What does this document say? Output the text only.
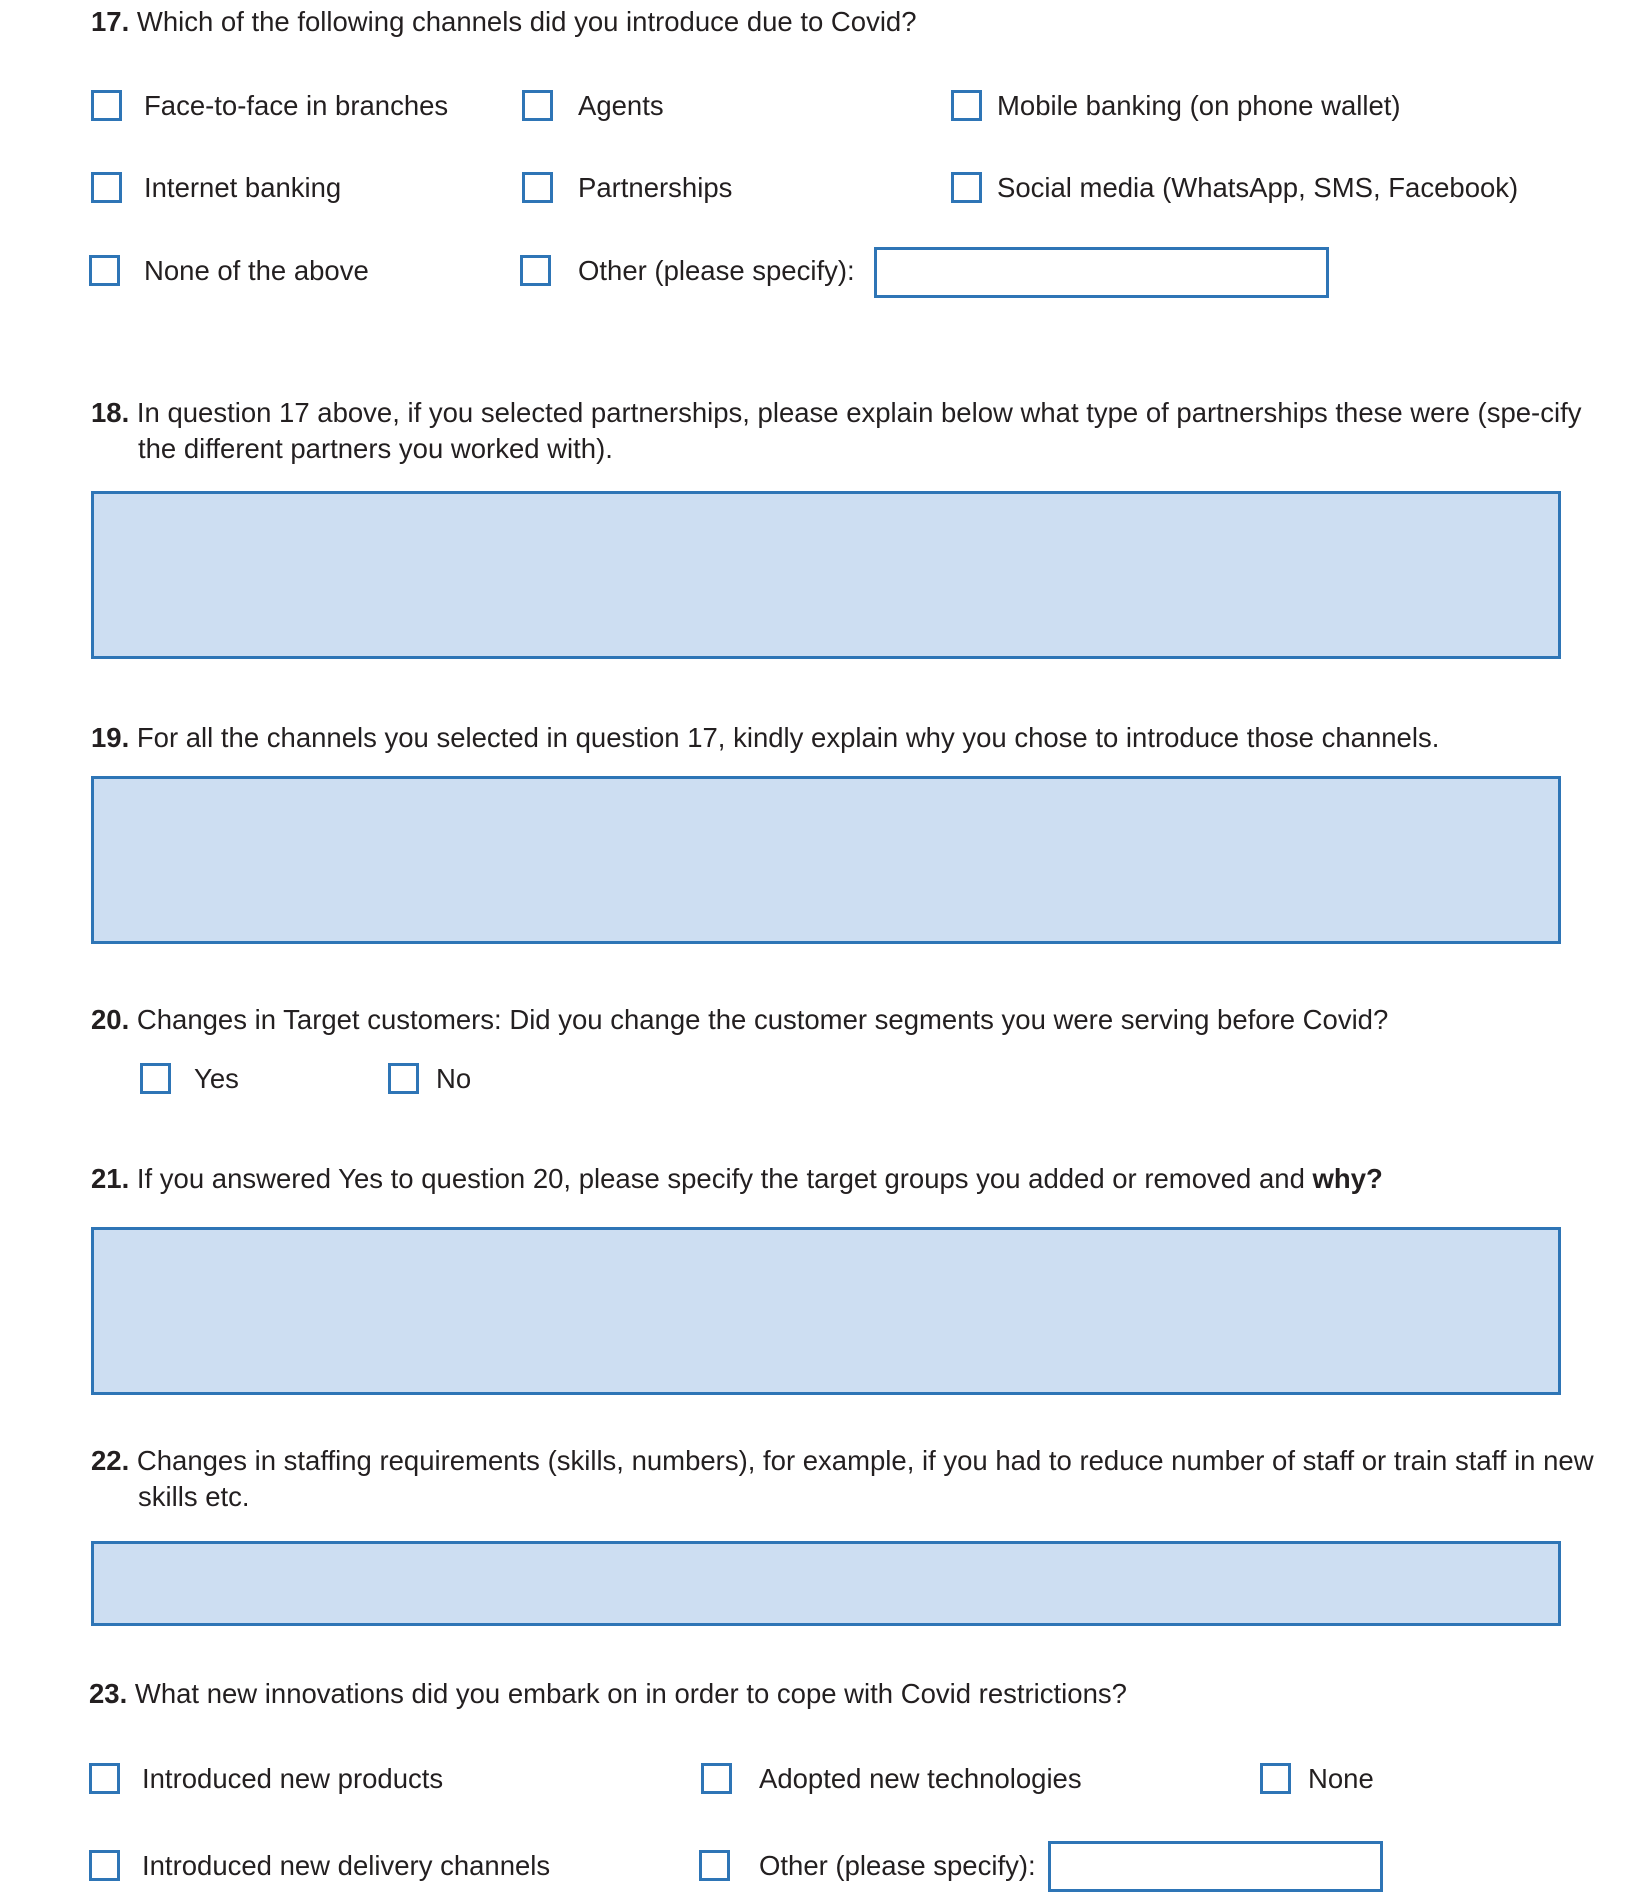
17. Which of the following channels did you introduce due to Covid?
Face-to-face in branches	Agents	Mobile banking (on phone wallet)
Internet banking	Partnerships	Social media (WhatsApp, SMS, Facebook)
None of the above	Other (please specify):
18. In question 17 above, if you selected partnerships, please explain below what type of partnerships these were (spe-cify the different partners you worked with).
19. For all the channels you selected in question 17, kindly explain why you chose to introduce those channels.
20. Changes in Target customers: Did you change the customer segments you were serving before Covid?
Yes	No
21. If you answered Yes to question 20, please specify the target groups you added or removed and why?
22. Changes in staffing requirements (skills, numbers), for example, if you had to reduce number of staff or train staff in new skills etc.
23. What new innovations did you embark on in order to cope with Covid restrictions?
Introduced new products	Adopted new technologies	None
Introduced new delivery channels	Other (please specify):
